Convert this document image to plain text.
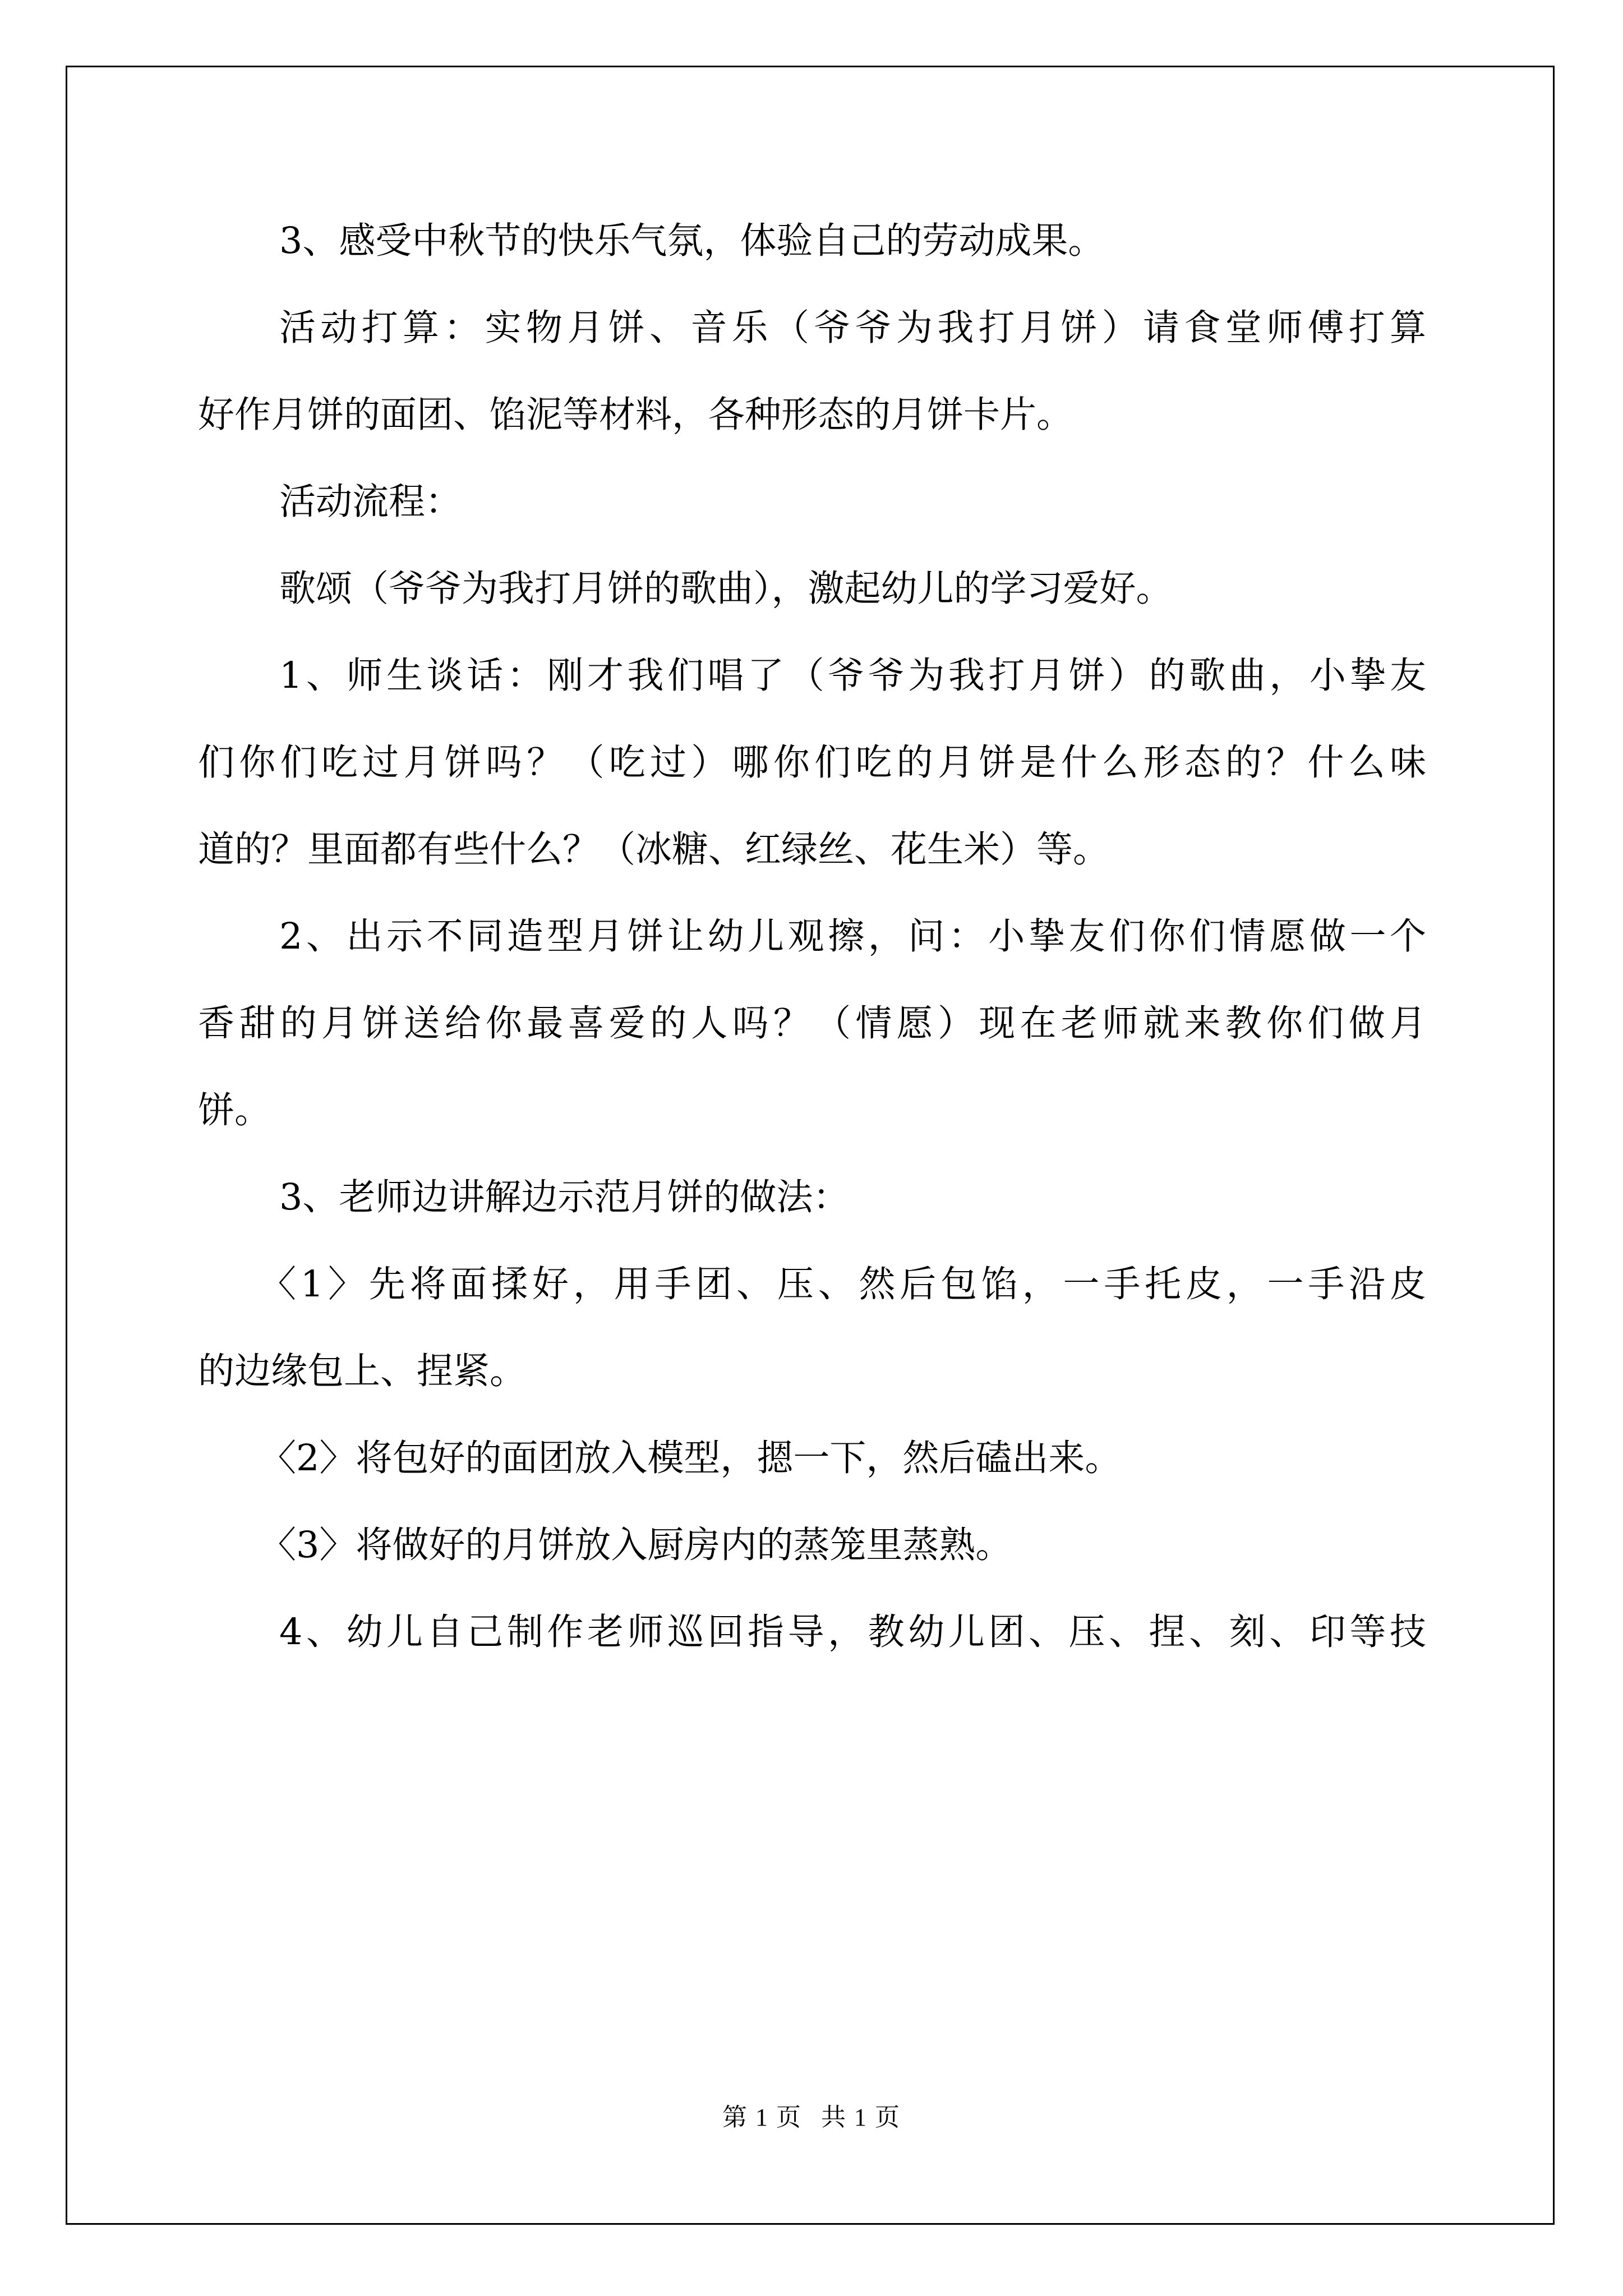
3、感受中秋节的快乐气氛，体验自己的劳动成果。
活动打算：实物月饼、音乐（爷爷为我打月饼）请食堂师傅打算
好作月饼的面团、馅泥等材料，各种形态的月饼卡片。
活动流程：
歌颂（爷爷为我打月饼的歌曲），激起幼儿的学习爱好。
1、师生谈话：刚才我们唱了（爷爷为我打月饼）的歌曲，小挚友
们你们吃过月饼吗？（吃过）哪你们吃的月饼是什么形态的？什么味
道的？里面都有些什么？（冰糖、红绿丝、花生米）等。
2、出示不同造型月饼让幼儿观擦，问：小挚友们你们情愿做一个
香甜的月饼送给你最喜爱的人吗？（情愿）现在老师就来教你们做月
饼。
3、老师边讲解边示范月饼的做法：
〈1〉先将面揉好，用手团、压、然后包馅，一手托皮，一手沿皮
的边缘包上、捏紧。
〈2〉将包好的面团放入模型，摁一下，然后磕出来。
〈3〉将做好的月饼放入厨房内的蒸笼里蒸熟。
4、幼儿自己制作老师巡回指导，教幼儿团、压、捏、刻、印等技
第 1 页 共 1 页
